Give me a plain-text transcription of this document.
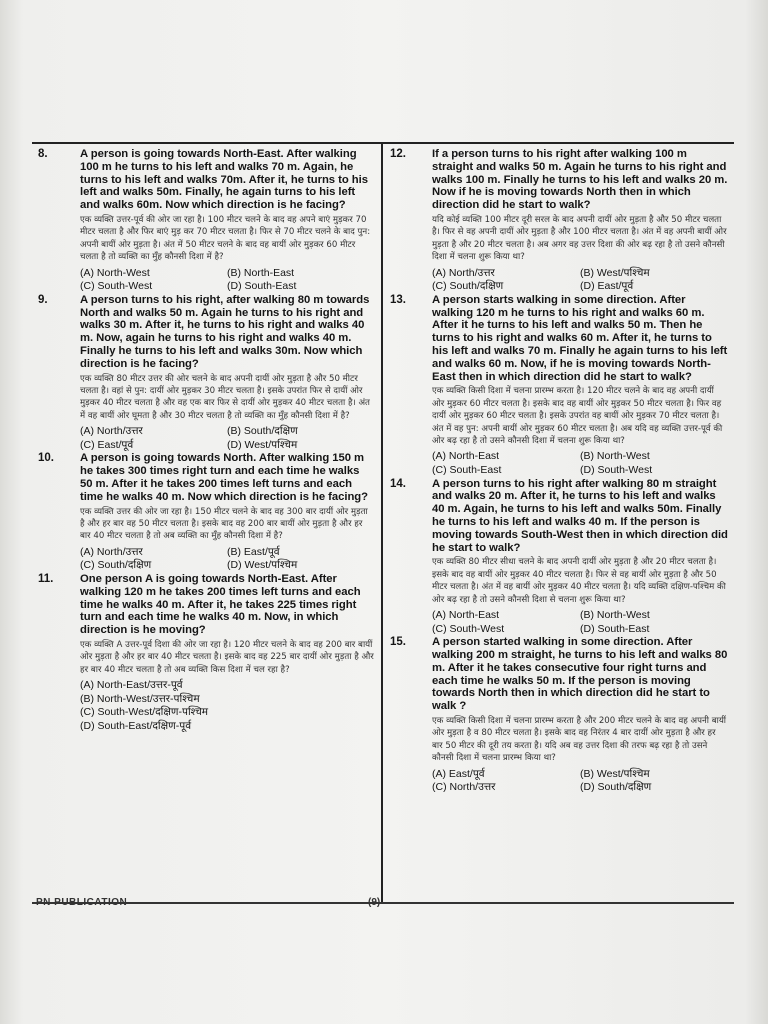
8.	A person is going towards North-East. After walking 100 m he turns to his left and walks 70 m. Again, he turns to his left and walks 70m. After it, he turns to his left and walks 50m. Finally, he again turns to his left and walks 60m. Now which direction is he facing?
एक व्यक्ति उत्तर-पूर्व की ओर जा रहा है। 100 मीटर चलने के बाद वह अपने बाएं मुड़कर 70 मीटर चलता है और फिर बाएं मुड़ कर 70 मीटर चलता है। फिर से 70 मीटर चलने के बाद पुन: अपनी बायीं ओर मुड़ता है। अंत में 50 मीटर चलने के बाद वह बायीं ओर मुड़कर 60 मीटर चलता है तो व्यक्ति का मुँह कौनसी दिशा में है?
(A) North-West	(B) North-East
(C) South-West	(D) South-East
9.	A person turns to his right, after walking 80 m towards North and walks 50 m. Again he turns to his right and walks 30 m. After it, he turns to his right and walks 40 m. Now, again he turns to his right and walks 40 m. Finally he turns to his left and walks 30m. Now which direction is he facing?
एक व्यक्ति 80 मीटर उत्तर की ओर चलने के बाद अपनी दायीं ओर मुड़ता है और 50 मीटर चलता है। वहां से पुन: दायीं ओर मुड़कर 30 मीटर चलता है। इसके उपरांत फिर से दायीं ओर मुड़कर 40 मीटर चलता है और वह एक बार फिर से दायीं ओर मुड़कर 40 मीटर चलता है। अंत में वह बायीं ओर घूमता है और 30 मीटर चलता है तो व्यक्ति का मुँह कौनसी दिशा में है?
(A) North/उत्तर	(B) South/दक्षिण
(C) East/पूर्व	(D) West/पश्चिम
10.	A person is going towards North. After walking 150 m he takes 300 times right turn and each time he walks 50 m. After it he takes 200 times left turns and each time he walks 40 m. Now which direction is he facing?
एक व्यक्ति उत्तर की ओर जा रहा है। 150 मीटर चलने के बाद वह 300 बार दायीं ओर मुड़ता है और हर बार वह 50 मीटर चलता है। इसके बाद वह 200 बार बायीं ओर मुड़ता है और हर बार 40 मीटर चलता है तो अब व्यक्ति का मुँह कौनसी दिशा में है?
(A) North/उत्तर	(B) East/पूर्व
(C) South/दक्षिण	(D) West/पश्चिम
11.	One person A is going towards North-East. After walking 120 m he takes 200 times left turns and each time he walks 40 m. After it, he takes 225 times right turn and each time he walks 40 m. Now, in which direction is he moving?
एक व्यक्ति A उत्तर-पूर्व दिशा की ओर जा रहा है। 120 मीटर चलने के बाद वह 200 बार बायीं ओर मुड़ता है और हर बार 40 मीटर चलता है। इसके बाद वह 225 बार दायीं ओर मुड़ता है और हर बार 40 मीटर चलता है तो अब व्यक्ति किस दिशा में चल रहा है?
(A) North-East/उत्तर-पूर्व
(B) North-West/उत्तर-पश्चिम
(C) South-West/दक्षिण-पश्चिम
(D) South-East/दक्षिण-पूर्व
12.	If a person turns to his right after walking 100 m straight and walks 50 m. Again he turns to his right and walks 100 m. Finally he turns to his left and walks 20 m. Now if he is moving towards North then in which direction did he start to walk?
यदि कोई व्यक्ति 100 मीटर दूरी सरल के बाद अपनी दायीं ओर मुड़ता है और 50 मीटर चलता है। फिर से वह अपनी दायीं ओर मुड़ता है और 100 मीटर चलता है। अंत में वह अपनी बायीं ओर मुड़ता है और 20 मीटर चलता है। अब अगर वह उत्तर दिशा की ओर बढ़ रहा है तो उसने कौनसी दिशा में चलना शुरू किया था?
(A) North/उत्तर	(B) West/पश्चिम
(C) South/दक्षिण	(D) East/पूर्व
13.	A person starts walking in some direction. After walking 120 m he turns to his right and walks 60 m. After it he turns to his left and walks 50 m. Then he turns to his right and walks 60 m. After it, he turns to his left and walks 70 m. Finally he again turns to his left and walks 60 m. Now, if he is moving towards North-East then in which direction did he start to walk?
एक व्यक्ति किसी दिशा में चलना प्रारम्भ करता है। 120 मीटर चलने के बाद वह अपनी दायीं ओर मुड़कर 60 मीटर चलता है। इसके बाद वह बायीं ओर मुड़कर 50 मीटर चलता है। फिर वह दायीं ओर मुड़कर 60 मीटर चलता है। इसके उपरांत वह बायीं ओर मुड़कर 70 मीटर चलता है। अंत में वह पुन: अपनी बायीं ओर मुड़कर 60 मीटर चलता है। अब यदि वह व्यक्ति उत्तर-पूर्व की ओर बढ़ रहा है तो उसने कौनसी दिशा में चलना शुरू किया था?
(A) North-East	(B) North-West
(C) South-East	(D) South-West
14.	A person turns to his right after walking 80 m straight and walks 20 m. After it, he turns to his left and walks 40 m. Again, he turns to his left and walks 50m. Finally he turns to his left and walks 40 m. If the person is moving towards South-West then in which direction did he start to walk?
एक व्यक्ति 80 मीटर सीधा चलने के बाद अपनी दायीं ओर मुड़ता है और 20 मीटर चलता है। इसके बाद वह बायीं ओर मुड़कर 40 मीटर चलता है। फिर से वह बायीं ओर मुड़ता है और 50 मीटर चलता है। अंत में वह बायीं ओर मुड़कर 40 मीटर चलता है। यदि व्यक्ति दक्षिण-पश्चिम की ओर बढ़ रहा है तो उसने कौनसी दिशा से चलना शुरू किया था?
(A) North-East	(B) North-West
(C) South-West	(D) South-East
15.	A person started walking in some direction. After walking 200 m straight, he turns to his left and walks 80 m. After it he takes consecutive four right turns and each time he walks 50 m. If the person is moving towards North then in which direction did he start to walk ?
एक व्यक्ति किसी दिशा में चलना प्रारम्भ करता है और 200 मीटर चलने के बाद वह अपनी बायीं ओर मुड़ता है व 80 मीटर चलता है। इसके बाद वह निरंतर 4 बार दायीं ओर मुड़ता है और हर बार 50 मीटर की दूरी तय करता है। यदि अब वह उत्तर दिशा की तरफ बढ़ रहा है तो उसने कौनसी दिशा में चलना प्रारम्भ किया था?
(A) East/पूर्व	(B) West/पश्चिम
(C) North/उत्तर	(D) South/दक्षिण
PN PUBLICATION	(9)
